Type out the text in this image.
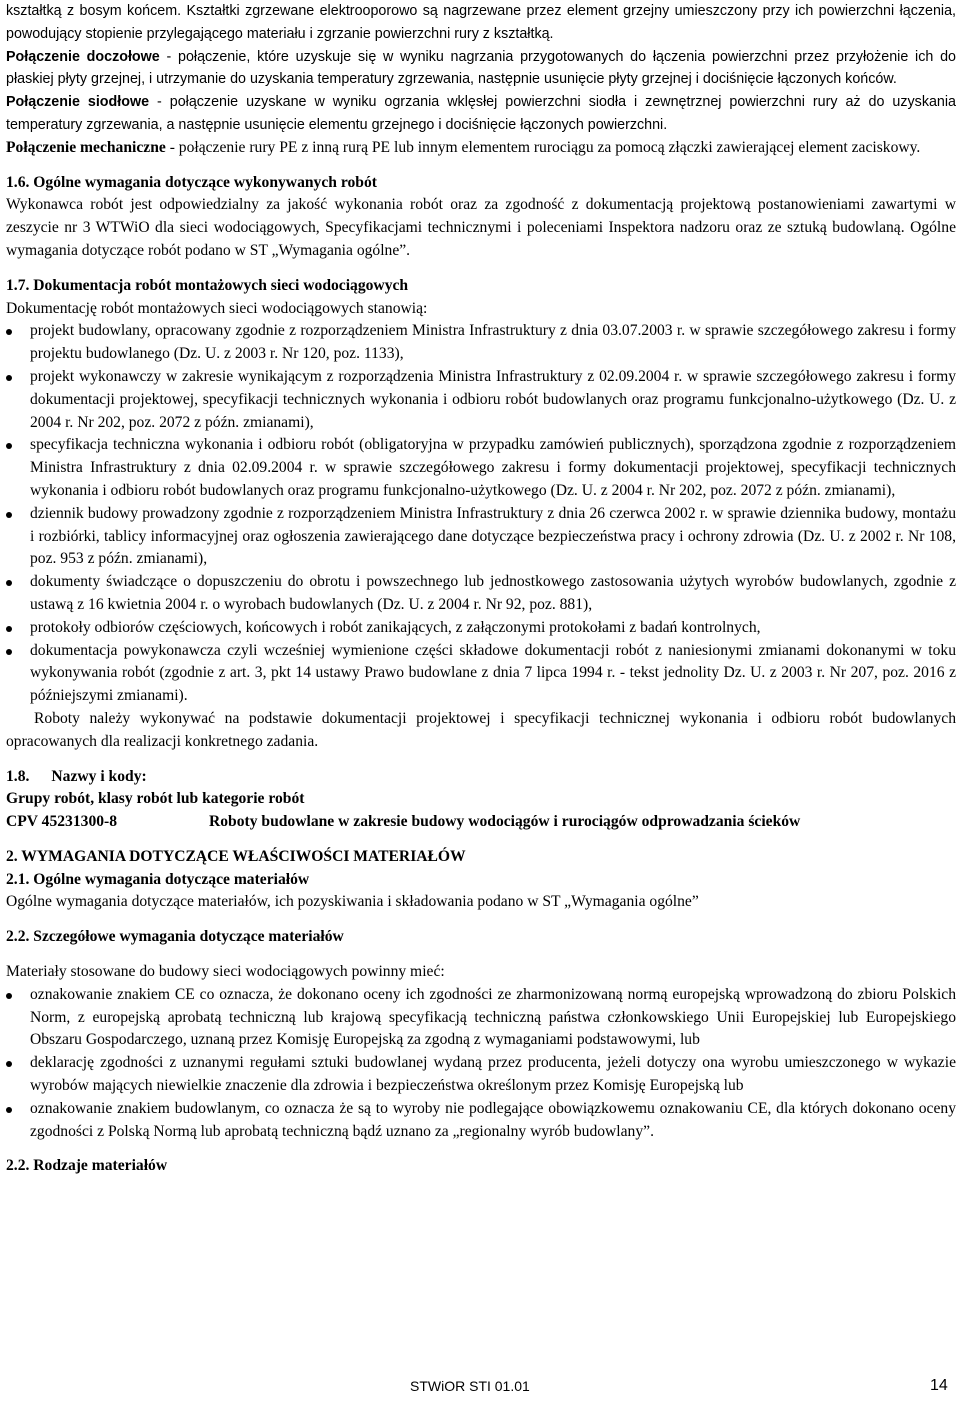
kształtką z bosym końcem. Kształtki zgrzewane elektrooporowo są nagrzewane przez element grzejny umieszczony przy ich powierzchni łączenia, powodujący stopienie przylegającego materiału i zgrzanie powierzchni rury z kształtką.

Połączenie doczołowe - połączenie, które uzyskuje się w wyniku nagrzania przygotowanych do łączenia powierzchni przez przyłożenie ich do płaskiej płyty grzejnej, i utrzymanie do uzyskania temperatury zgrzewania, następnie usunięcie płyty grzejnej i dociśnięcie łączonych końców.

Połączenie siodłowe - połączenie uzyskane w wyniku ogrzania wklęsłej powierzchni siodła i zewnętrznej powierzchni rury aż do uzyskania temperatury zgrzewania, a następnie usunięcie elementu grzejnego i dociśnięcie łączonych powierzchni.

Połączenie mechaniczne - połączenie rury PE z inną rurą PE lub innym elementem rurociągu za pomocą złączki zawierającej element zaciskowy.

1.6. Ogólne wymagania dotyczące wykonywanych robót

Wykonawca robót jest odpowiedzialny za jakość wykonania robót oraz za zgodność z dokumentacją projektową postanowieniami zawartymi w zeszycie nr 3 WTWiO dla sieci wodociągowych, Specyfikacjami technicznymi i poleceniami Inspektora nadzoru oraz ze sztuką budowlaną. Ogólne wymagania dotyczące robót podano w ST „Wymagania ogólne”.

1.7. Dokumentacja robót montażowych sieci wodociągowych

Dokumentację robót montażowych sieci wodociągowych stanowią:

projekt budowlany, opracowany zgodnie z rozporządzeniem Ministra Infrastruktury z dnia 03.07.2003 r. w sprawie szczegółowego zakresu i formy projektu budowlanego (Dz. U. z 2003 r. Nr 120, poz. 1133),
projekt wykonawczy w zakresie wynikającym z rozporządzenia Ministra Infrastruktury z 02.09.2004 r. w sprawie szczegółowego zakresu i formy dokumentacji projektowej, specyfikacji technicznych wykonania i odbioru robót budowlanych oraz programu funkcjonalno-użytkowego (Dz. U. z 2004 r. Nr 202, poz. 2072 z późn. zmianami),
specyfikacja techniczna wykonania i odbioru robót (obligatoryjna w przypadku zamówień publicznych), sporządzona zgodnie z rozporządzeniem Ministra Infrastruktury z dnia 02.09.2004 r. w sprawie szczegółowego zakresu i formy dokumentacji projektowej, specyfikacji technicznych wykonania i odbioru robót budowlanych oraz programu funkcjonalno-użytkowego (Dz. U. z 2004 r. Nr 202, poz. 2072 z późn. zmianami),
dziennik budowy prowadzony zgodnie z rozporządzeniem Ministra Infrastruktury z dnia 26 czerwca 2002 r. w sprawie dziennika budowy, montażu i rozbiórki, tablicy informacyjnej oraz ogłoszenia zawierającego dane dotyczące bezpieczeństwa pracy i ochrony zdrowia (Dz. U. z 2002 r. Nr 108, poz. 953 z późn. zmianami),
dokumenty świadczące o dopuszczeniu do obrotu i powszechnego lub jednostkowego zastosowania użytych wyrobów budowlanych, zgodnie z ustawą z 16 kwietnia 2004 r. o wyrobach budowlanych (Dz. U. z 2004 r. Nr 92, poz. 881),
protokoły odbiorów częściowych, końcowych i robót zanikających, z załączonymi protokołami z badań kontrolnych,
dokumentacja powykonawcza czyli wcześniej wymienione części składowe dokumentacji robót z naniesionymi zmianami dokonanymi w toku wykonywania robót (zgodnie z art. 3, pkt 14 ustawy Prawo budowlane z dnia 7 lipca 1994 r. - tekst jednolity Dz. U. z 2003 r. Nr 207, poz. 2016 z późniejszymi zmianami).

Roboty należy wykonywać na podstawie dokumentacji projektowej i specyfikacji technicznej wykonania i odbioru robót budowlanych opracowanych dla realizacji konkretnego zadania.

1.8. Nazwy i kody:
Grupy robót, klasy robót lub kategorie robót
CPV 45231300-8	Roboty budowlane w zakresie budowy wodociągów i rurociągów odprowadzania ścieków
2. WYMAGANIA DOTYCZĄCE WŁAŚCIWOŚCI MATERIAŁÓW
2.1. Ogólne wymagania dotyczące materiałów

Ogólne wymagania dotyczące materiałów, ich pozyskiwania i składowania podano w ST „Wymagania ogólne”

2.2. Szczegółowe wymagania dotyczące materiałów

Materiały stosowane do budowy sieci wodociągowych powinny mieć:

oznakowanie znakiem CE co oznacza, że dokonano oceny ich zgodności ze zharmonizowaną normą europejską wprowadzoną do zbioru Polskich Norm, z europejską aprobatą techniczną lub krajową specyfikacją techniczną państwa członkowskiego Unii Europejskiej lub Europejskiego Obszaru Gospodarczego, uznaną przez Komisję Europejską za zgodną z wymaganiami podstawowymi, lub
deklarację zgodności z uznanymi regułami sztuki budowlanej wydaną przez producenta, jeżeli dotyczy ona wyrobu umieszczonego w wykazie wyrobów mających niewielkie znaczenie dla zdrowia i bezpieczeństwa określonym przez Komisję Europejską lub
oznakowanie znakiem budowlanym, co oznacza że są to wyroby nie podlegające obowiązkowemu oznakowaniu CE, dla których dokonano oceny zgodności z Polską Normą lub aprobatą techniczną bądź uznano za „regionalny wyrób budowlany”.
2.2. Rodzaje materiałów
STWiOR STI 01.01	14
